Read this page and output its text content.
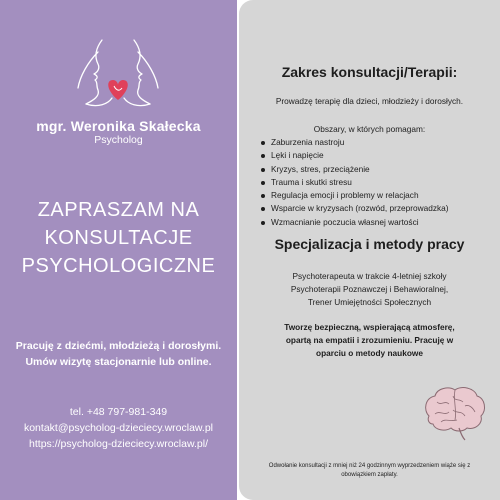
mgr. Weronika Skałecka
Psycholog
ZAPRASZAM NA
KONSULTACJE
PSYCHOLOGICZNE
Pracuję z dziećmi, młodzieżą i dorosłymi.
Umów wizytę stacjonarnie lub online.
tel. +48 797-981-349
kontakt@psycholog-dzieciecy.wroclaw.pl
https://psycholog-dzieciecy.wroclaw.pl/
Zakres konsultacji/Terapii:
Prowadzę terapię dla dzieci, młodzieży i dorosłych.
Obszary, w których pomagam:
Zaburzenia nastroju
Lęki i napięcie
Kryzys, stres, przeciążenie
Trauma i skutki stresu
Regulacja emocji i problemy w relacjach
Wsparcie w kryzysach (rozwód, przeprowadzka)
Wzmacnianie poczucia własnej wartości
Specjalizacja i metody pracy
Psychoterapeuta w trakcie 4-letniej szkoły
Psychoterapii Poznawczej i Behawioralnej,
Trener Umiejętności Społecznych
Tworzę bezpieczną, wspierającą atmosferę,
opartą na empatii i zrozumieniu. Pracuję w
oparciu o metody naukowe
Odwołanie konsultacji z mniej niż 24 godzinnym wyprzedzeniem wiąże się z
obowiązkiem zapłaty.
